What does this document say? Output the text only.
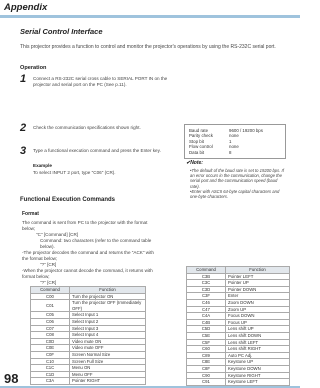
Appendix
Serial Control Interface
This projector provides a function to control and monitor the projector's operations by using the RS-232C serial port.
Operation
1 Connect a RS-232C serial cross cable to SERIAL PORT IN on the projector and serial port on the PC (See p.11).
2 Check the communication specifications shown right.
3 Type a functional execution command and press the Enter key.
Example
To select INPUT 2 port, type "C06" (CR).
Baud rate	9600 / 19200 bps
Parity check	none
Stop bit	1
Flow control	none
Data bit	8
✔Note:
•The default of the baud rate is set to 19200 bps. If an error occurs in the communication, change the serial port and the communication speed (baud rate).
•Enter with ASCII 64-byte capital characters and one-byte characters.
Functional Execution Commands
Format
The command is sent from PC to the projector with the format below;
"C" [Command] [CR]
Command: two characters (refer to the command table below).
-The projector decodes the command and returns the "ACK" with the format below;
"?" [CR]
-When the projector cannot decode the command, it returns with format below;
"?" [CR]
Command	Function
C00	Turn the projector ON
C01	Turn the projector OFF (Immediately OFF)
C05	Select Input 1
C06	Select Input 2
C07	Select Input 3
C08	Select Input 4
C0D	Video mute ON
C0E	Video mute OFF
C0F	Screen Normal Size
C10	Screen Full Size
C1C	Menu ON
C1D	Menu OFF
C3A	Pointer RIGHT
Command	Function
C3B	Pointer LEFT
C3C	Pointer UP
C3D	Pointer DOWN
C3F	Enter
C46	Zoom DOWN
C47	Zoom UP
C4A	Focus DOWN
C4B	Focus UP
C5D	Lens shift UP
C5E	Lens shift DOWN
C5F	Lens shift LEFT
C60	Lens shift RIGHT
C89	Auto PC Adj.
C8E	Keystone UP
C8F	Keystone DOWN
C90	Keystone RIGHT
C91	Keystone LEFT
98
